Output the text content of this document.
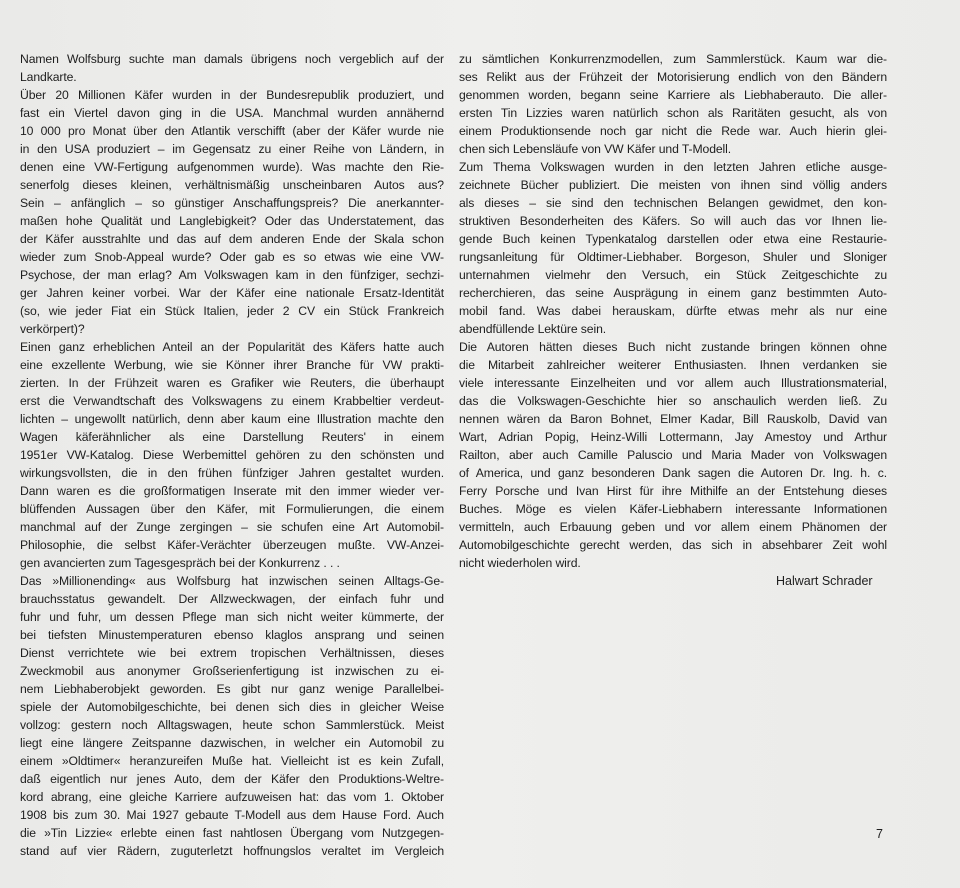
Namen Wolfsburg suchte man damals übrigens noch vergeblich auf der
Landkarte.
Über 20 Millionen Käfer wurden in der Bundesrepublik produziert, und
fast ein Viertel davon ging in die USA. Manchmal wurden annähernd
10 000 pro Monat über den Atlantik verschifft (aber der Käfer wurde nie
in den USA produziert – im Gegensatz zu einer Reihe von Ländern, in
denen eine VW-Fertigung aufgenommen wurde). Was machte den Rie-
senerfolg dieses kleinen, verhältnismäßig unscheinbaren Autos aus?
Sein – anfänglich – so günstiger Anschaffungspreis? Die anerkannter-
maßen hohe Qualität und Langlebigkeit? Oder das Understatement, das
der Käfer ausstrahlte und das auf dem anderen Ende der Skala schon
wieder zum Snob-Appeal wurde? Oder gab es so etwas wie eine VW-
Psychose, der man erlag? Am Volkswagen kam in den fünfziger, sechzi-
ger Jahren keiner vorbei. War der Käfer eine nationale Ersatz-Identität
(so, wie jeder Fiat ein Stück Italien, jeder 2 CV ein Stück Frankreich
verkörpert)?
Einen ganz erheblichen Anteil an der Popularität des Käfers hatte auch
eine exzellente Werbung, wie sie Könner ihrer Branche für VW prakti-
zierten. In der Frühzeit waren es Grafiker wie Reuters, die überhaupt
erst die Verwandtschaft des Volkswagens zu einem Krabbeltier verdeut-
lichten – ungewollt natürlich, denn aber kaum eine Illustration machte den
Wagen käferähnlicher als eine Darstellung Reuters' in einem
1951er VW-Katalog. Diese Werbemittel gehören zu den schönsten und
wirkungsvollsten, die in den frühen fünfziger Jahren gestaltet wurden.
Dann waren es die großformatigen Inserate mit den immer wieder ver-
blüffenden Aussagen über den Käfer, mit Formulierungen, die einem
manchmal auf der Zunge zergingen – sie schufen eine Art Automobil-
Philosophie, die selbst Käfer-Verächter überzeugen mußte. VW-Anzei-
gen avancierten zum Tagesgespräch bei der Konkurrenz . . .
Das »Millionending« aus Wolfsburg hat inzwischen seinen Alltags-Ge-
brauchsstatus gewandelt. Der Allzweckwagen, der einfach fuhr und
fuhr und fuhr, um dessen Pflege man sich nicht weiter kümmerte, der
bei tiefsten Minustemperaturen ebenso klaglos ansprang und seinen
Dienst verrichtete wie bei extrem tropischen Verhältnissen, dieses
Zweckmobil aus anonymer Großserienfertigung ist inzwischen zu ei-
nem Liebhaberobjekt geworden. Es gibt nur ganz wenige Parallelbei-
spiele der Automobilgeschichte, bei denen sich dies in gleicher Weise
vollzog: gestern noch Alltagswagen, heute schon Sammlerstück. Meist
liegt eine längere Zeitspanne dazwischen, in welcher ein Automobil zu
einem »Oldtimer« heranzureifen Muße hat. Vielleicht ist es kein Zufall,
daß eigentlich nur jenes Auto, dem der Käfer den Produktions-Weltre-
kord abrang, eine gleiche Karriere aufzuweisen hat: das vom 1. Oktober
1908 bis zum 30. Mai 1927 gebaute T-Modell aus dem Hause Ford. Auch
die »Tin Lizzie« erlebte einen fast nahtlosen Übergang vom Nutzgegen-
stand auf vier Rädern, zuguterletzt hoffnungslos veraltet im Vergleich
zu sämtlichen Konkurrenzmodellen, zum Sammlerstück. Kaum war die-
ses Relikt aus der Frühzeit der Motorisierung endlich von den Bändern
genommen worden, begann seine Karriere als Liebhaberauto. Die aller-
ersten Tin Lizzies waren natürlich schon als Raritäten gesucht, als von
einem Produktionsende noch gar nicht die Rede war. Auch hierin glei-
chen sich Lebensläufe von VW Käfer und T-Modell.
Zum Thema Volkswagen wurden in den letzten Jahren etliche ausge-
zeichnete Bücher publiziert. Die meisten von ihnen sind völlig anders
als dieses – sie sind den technischen Belangen gewidmet, den kon-
struktiven Besonderheiten des Käfers. So will auch das vor Ihnen lie-
gende Buch keinen Typenkatalog darstellen oder etwa eine Restaurie-
rungsanleitung für Oldtimer-Liebhaber. Borgeson, Shuler und Sloniger
unternahmen vielmehr den Versuch, ein Stück Zeitgeschichte zu
recherchieren, das seine Ausprägung in einem ganz bestimmten Auto-
mobil fand. Was dabei herauskam, dürfte etwas mehr als nur eine
abendfüllende Lektüre sein.
Die Autoren hätten dieses Buch nicht zustande bringen können ohne
die Mitarbeit zahlreicher weiterer Enthusiasten. Ihnen verdanken sie
viele interessante Einzelheiten und vor allem auch Illustrationsmaterial,
das die Volkswagen-Geschichte hier so anschaulich werden ließ. Zu
nennen wären da Baron Bohnet, Elmer Kadar, Bill Rauskolb, David van
Wart, Adrian Popig, Heinz-Willi Lottermann, Jay Amestoy und Arthur
Railton, aber auch Camille Paluscio und Maria Mader von Volkswagen
of America, und ganz besonderen Dank sagen die Autoren Dr. Ing. h. c.
Ferry Porsche und Ivan Hirst für ihre Mithilfe an der Entstehung dieses
Buches. Möge es vielen Käfer-Liebhabern interessante Informationen
vermitteln, auch Erbauung geben und vor allem einem Phänomen der
Automobilgeschichte gerecht werden, das sich in absehbarer Zeit wohl
nicht wiederholen wird.
Halwart Schrader
7
